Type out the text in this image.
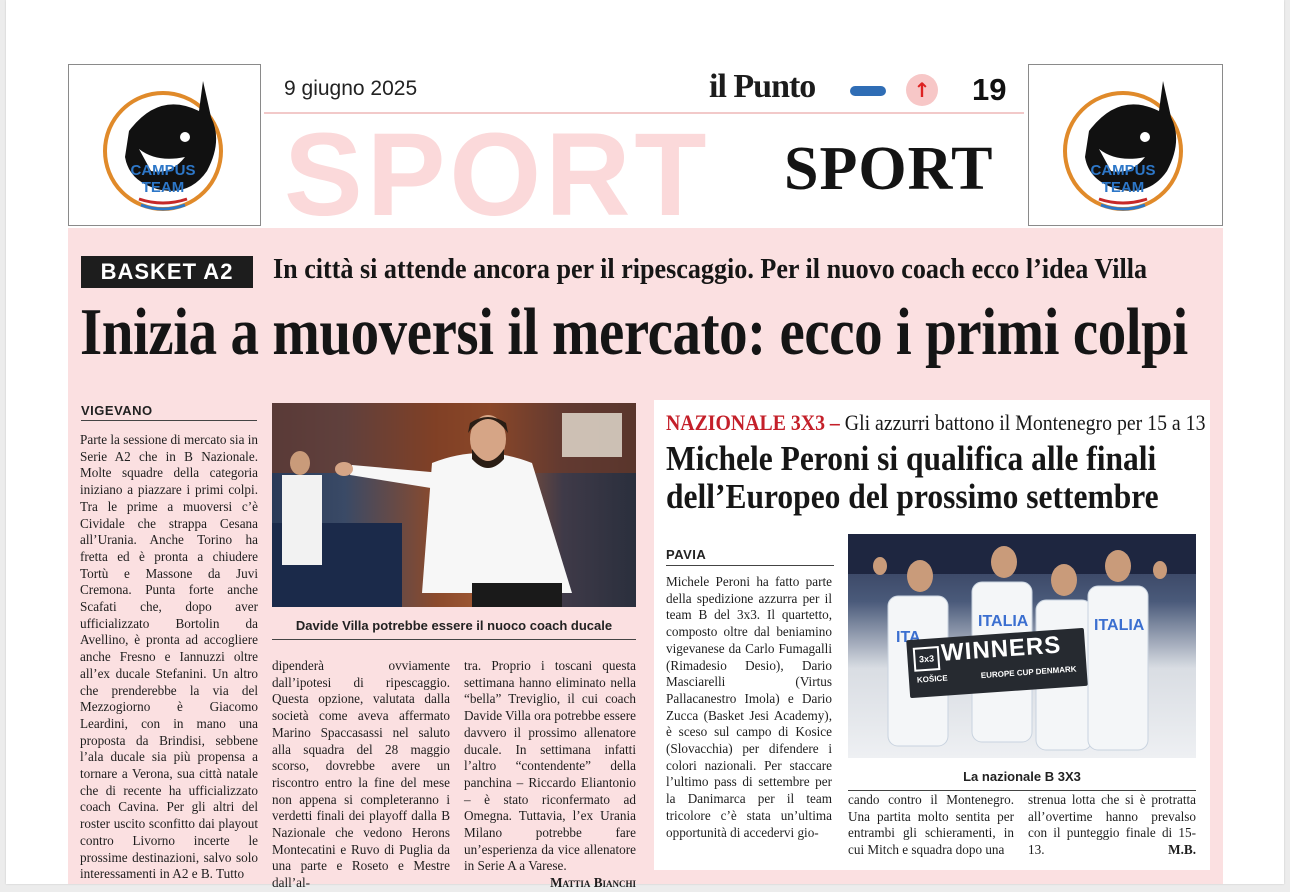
CAMPUS
TEAM
9 giugno 2025	il Punto	↑ 19
SPORT SPORT	CAMPUS
TEAM
BASKET A2	In città si attende ancora per il ripescaggio. Per il nuovo coach ecco l’idea Villa
Inizia a muoversi il mercato: ecco i primi colpi
VIGEVANO
Parte la sessione di mercato sia in Serie A2 che in B Nazionale. Molte squadre della categoria iniziano a piazzare i primi colpi. Tra le prime a muoversi c’è Cividale che strappa Cesana all’Urania. Anche Torino ha fretta ed è pronta a chiudere Tortù e Massone da Juvi Cremona. Punta forte anche Scafati che, dopo aver ufficializzato Bortolin da Avellino, è pronta ad accogliere anche Fresno e Iannuzzi oltre all’ex ducale Stefanini. Un altro che prenderebbe la via del Mezzogiorno è Giacomo Leardini, con in mano una proposta da Brindisi, sebbene l’ala ducale sia più propensa a tornare a Verona, sua città natale che di recente ha ufficializzato coach Cavina. Per gli altri del roster uscito sconfitto dai playout contro Livorno incerte le prossime destinazioni, salvo solo interessamenti in A2 e B. Tutto
Davide Villa potrebbe essere il nuoco coach ducale
dipenderà ovviamente dall’ipotesi di ripescaggio. Questa opzione, valutata dalla società come aveva affermato Marino Spaccasassi nel saluto alla squadra del 28 maggio scorso, dovrebbe avere un riscontro entro la fine del mese non appena si completeranno i verdetti finali dei playoff dalla B Nazionale che vedono Herons Montecatini e Ruvo di Puglia da una parte e Roseto e Mestre dall’al-
tra. Proprio i toscani questa settimana hanno eliminato nella “bella” Treviglio, il cui coach Davide Villa ora potrebbe essere davvero il prossimo allenatore ducale. In settimana infatti l’altro “contendente” della panchina – Riccardo Eliantonio – è stato riconfermato ad Omegna. Tuttavia, l’ex Urania Milano potrebbe fare un’esperienza da vice allenatore in Serie A a Varese.
Mattia Bianchi
NAZIONALE 3X3 – Gli azzurri battono il Montenegro per 15 a 13
Michele Peroni si qualifica alle finali
dell’Europeo del prossimo settembre
PAVIA
Michele Peroni ha fatto parte della spedizione azzurra per il team B del 3x3. Il quartetto, composto oltre dal beniamino vigevanese da Carlo Fumagalli (Rimadesio Desio), Dario Masciarelli (Virtus Pallacanestro Imola) e Dario Zucca (Basket Jesi Academy), è sceso sul campo di Kosice (Slovacchia) per difendere i colori nazionali. Per staccare l’ultimo pass di settembre per la Danimarca per il team tricolore c’è stata un’ultima opportunità di accedervi gio-
ITA
ITALIA	ITALIA
3x3 WINNERS
KOŠICE	EUROPE CUP DENMARK
La nazionale B 3X3
cando contro il Montenegro. Una partita molto sentita per entrambi gli schieramenti, in cui Mitch e squadra dopo una
strenua lotta che si è protratta all’overtime hanno prevalso con il punteggio finale di 15-13.	M.B.
